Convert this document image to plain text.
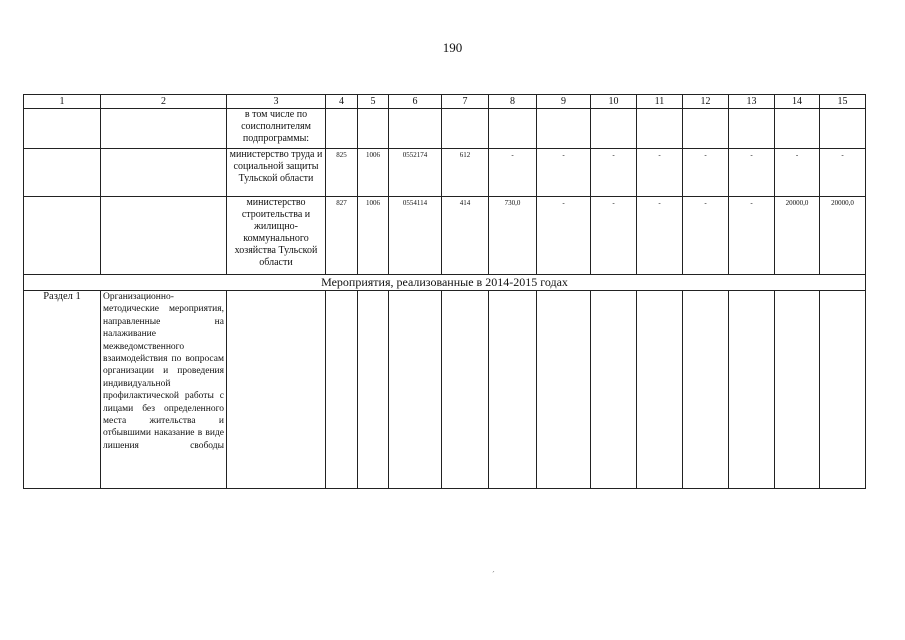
190
1	2	3	4	5	6	7	8	9	10	11	12	13	14	15
		в том числе по соисполнителям подпрограммы:												
		министерство труда и социальной защиты Тульской области	825	1006	0552174	612	-	-	-	-	-	-	-	-
		министерство строительства и жилищно-коммунального хозяйства Тульской области	827	1006	0554114	414	730,0	-	-	-	-	-	20000,0	20000,0
Мероприятия, реализованные в 2014-2015 годах														
Раздел 1	Организационно-методические мероприятия, направленные на налаживание межведомственного взаимодействия по вопросам организации и проведения индивидуальной профилактической работы с лицами без определенного места жительства и отбывшими наказание в виде лишения свободы													

´
